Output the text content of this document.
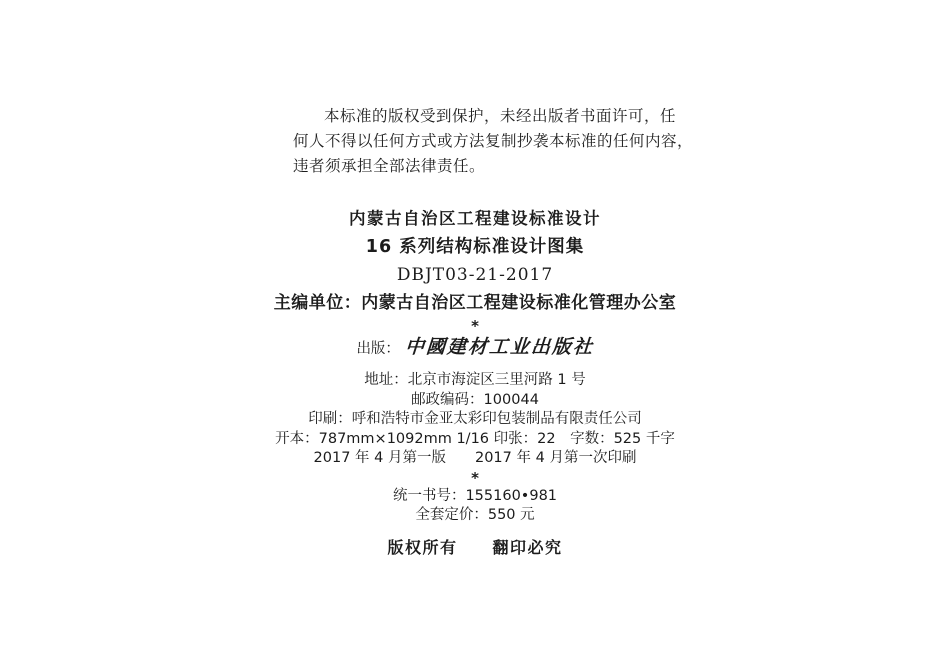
本标准的版权受到保护，未经出版者书面许可，任
何人不得以任何方式或方法复制抄袭本标准的任何内容，
违者须承担全部法律责任。
内蒙古自治区工程建设标准设计
16 系列结构标准设计图集
DBJT03-21-2017
主编单位：内蒙古自治区工程建设标准化管理办公室
*
出版： 中國建材工业出版社
地址：北京市海淀区三里河路 1 号
邮政编码：100044
印刷：呼和浩特市金亚太彩印包装制品有限责任公司
开本：787mm×1092mm 1/16 印张：22　字数：525 千字
2017 年 4 月第一版　　2017 年 4 月第一次印刷
*
统一书号：155160•981
全套定价：550 元
版权所有　　翻印必究
